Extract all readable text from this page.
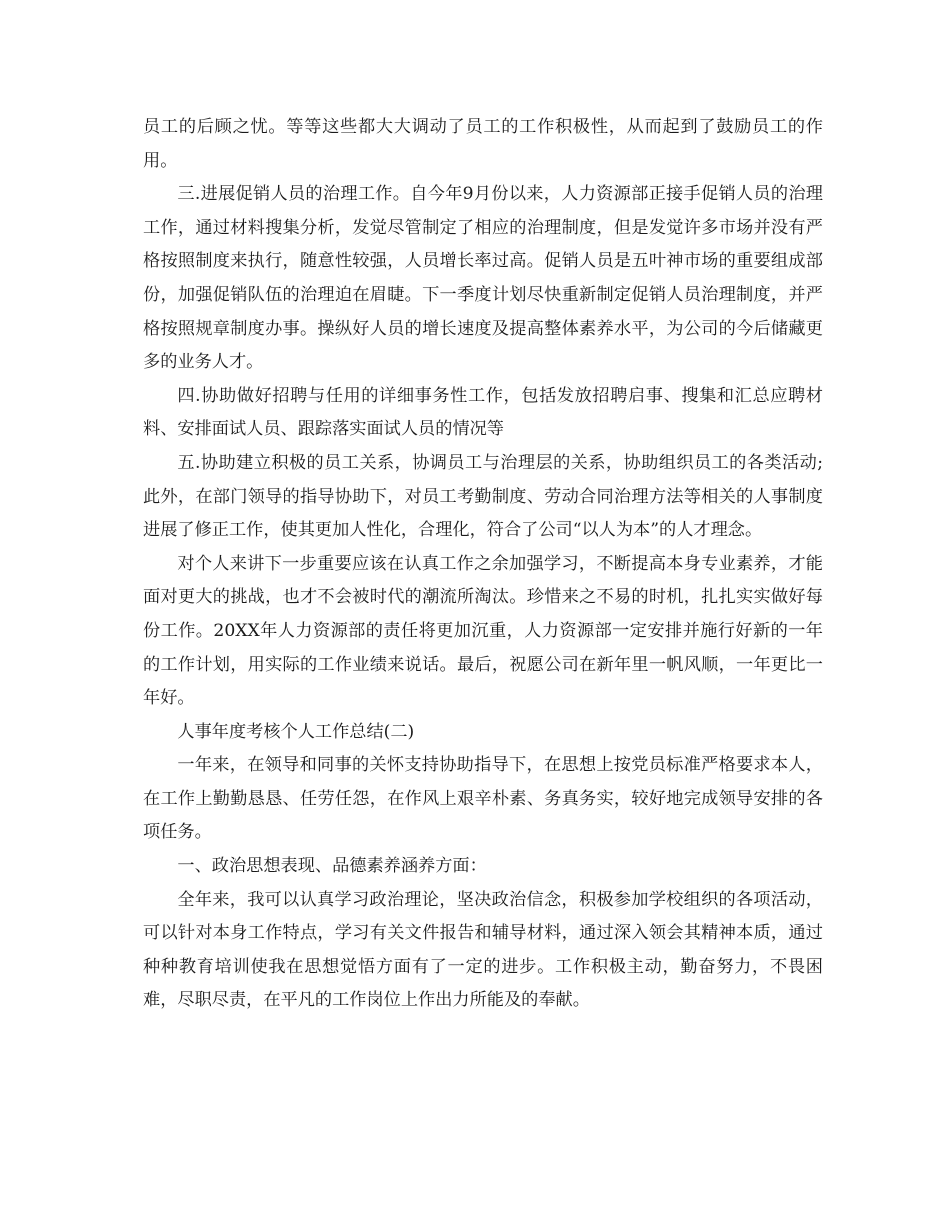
员工的后顾之忧。等等这些都大大调动了员工的工作积极性，从而起到了鼓励员工的作用。

三.进展促销人员的治理工作。自今年9月份以来，人力资源部正接手促销人员的治理工作，通过材料搜集分析，发觉尽管制定了相应的治理制度，但是发觉许多市场并没有严格按照制度来执行，随意性较强，人员增长率过高。促销人员是五叶神市场的重要组成部份，加强促销队伍的治理迫在眉睫。下一季度计划尽快重新制定促销人员治理制度，并严格按照规章制度办事。操纵好人员的增长速度及提高整体素养水平，为公司的今后储藏更多的业务人才。

四.协助做好招聘与任用的详细事务性工作，包括发放招聘启事、搜集和汇总应聘材料、安排面试人员、跟踪落实面试人员的情况等

五.协助建立积极的员工关系，协调员工与治理层的关系，协助组织员工的各类活动;此外，在部门领导的指导协助下，对员工考勤制度、劳动合同治理方法等相关的人事制度进展了修正工作，使其更加人性化，合理化，符合了公司“以人为本”的人才理念。

对个人来讲下一步重要应该在认真工作之余加强学习，不断提高本身专业素养，才能面对更大的挑战，也才不会被时代的潮流所淘汰。珍惜来之不易的时机，扎扎实实做好每份工作。20XX年人力资源部的责任将更加沉重，人力资源部一定安排并施行好新的一年的工作计划，用实际的工作业绩来说话。最后，祝愿公司在新年里一帆风顺，一年更比一年好。

人事年度考核个人工作总结(二)

一年来，在领导和同事的关怀支持协助指导下，在思想上按党员标准严格要求本人，在工作上勤勤恳恳、任劳任怨，在作风上艰辛朴素、务真务实，较好地完成领导安排的各项任务。

一、政治思想表现、品德素养涵养方面：

全年来，我可以认真学习政治理论，坚决政治信念，积极参加学校组织的各项活动，可以针对本身工作特点，学习有关文件报告和辅导材料，通过深入领会其精神本质，通过种种教育培训使我在思想觉悟方面有了一定的进步。工作积极主动，勤奋努力，不畏困难，尽职尽责，在平凡的工作岗位上作出力所能及的奉献。
